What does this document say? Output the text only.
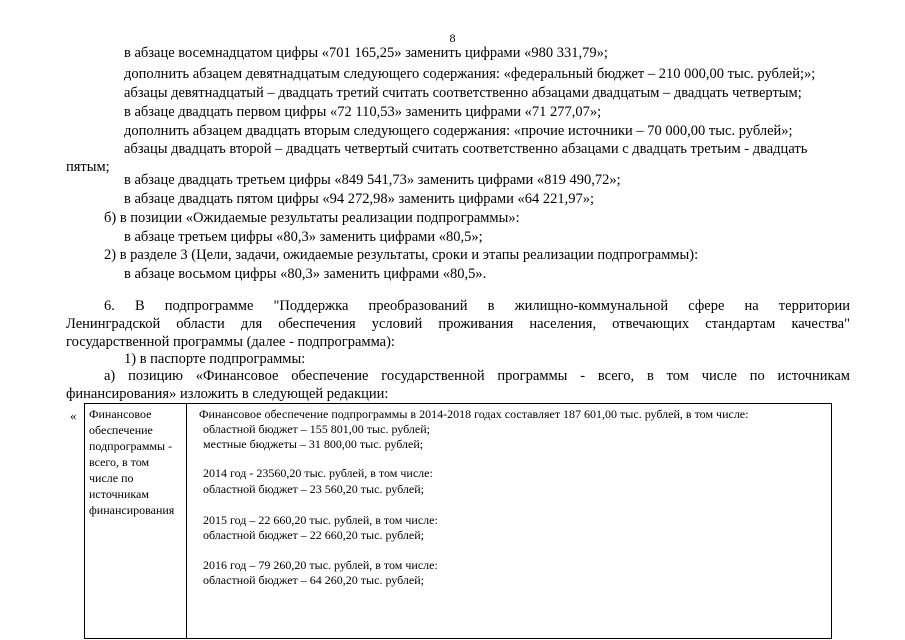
8
в абзаце восемнадцатом цифры «701 165,25» заменить цифрами «980 331,79»;
дополнить абзацем девятнадцатым следующего содержания: «федеральный бюджет – 210 000,00 тыс. рублей;»;
абзацы девятнадцатый – двадцать третий считать соответственно абзацами двадцатым – двадцать четвертым;
в абзаце двадцать первом цифры «72 110,53» заменить цифрами «71 277,07»;
дополнить абзацем двадцать вторым следующего содержания: «прочие источники – 70 000,00 тыс. рублей»;
абзацы двадцать второй – двадцать четвертый считать соответственно абзацами с двадцать третьим - двадцать
пятым;
в абзаце двадцать третьем цифры «849 541,73» заменить цифрами «819 490,72»;
в абзаце двадцать пятом цифры «94 272,98» заменить цифрами «64 221,97»;
б) в позиции «Ожидаемые результаты реализации подпрограммы»:
в абзаце третьем цифры «80,3» заменить цифрами «80,5»;
2) в разделе 3 (Цели, задачи, ожидаемые результаты, сроки и этапы реализации подпрограммы):
в абзаце восьмом цифры «80,3» заменить цифрами «80,5».
6. В подпрограмме "Поддержка преобразований в жилищно-коммунальной сфере на территории
Ленинградской области для обеспечения условий проживания населения, отвечающих стандартам качества"
государственной программы (далее - подпрограмма):
1) в паспорте подпрограммы:
а) позицию «Финансовое обеспечение государственной программы - всего, в том числе по источникам
финансирования» изложить в следующей редакции:
« Финансовое
обеспечение
подпрограммы -
всего, в том
числе по
источникам
финансирования
Финансовое обеспечение подпрограммы в 2014-2018 годах составляет 187 601,00 тыс. рублей, в том числе:
областной бюджет – 155 801,00 тыс. рублей;
местные бюджеты – 31 800,00 тыс. рублей;
2014 год - 23560,20 тыс. рублей, в том числе:
областной бюджет – 23 560,20 тыс. рублей;
2015 год – 22 660,20 тыс. рублей, в том числе:
областной бюджет – 22 660,20 тыс. рублей;
2016 год – 79 260,20 тыс. рублей, в том числе:
областной бюджет – 64 260,20 тыс. рублей;
